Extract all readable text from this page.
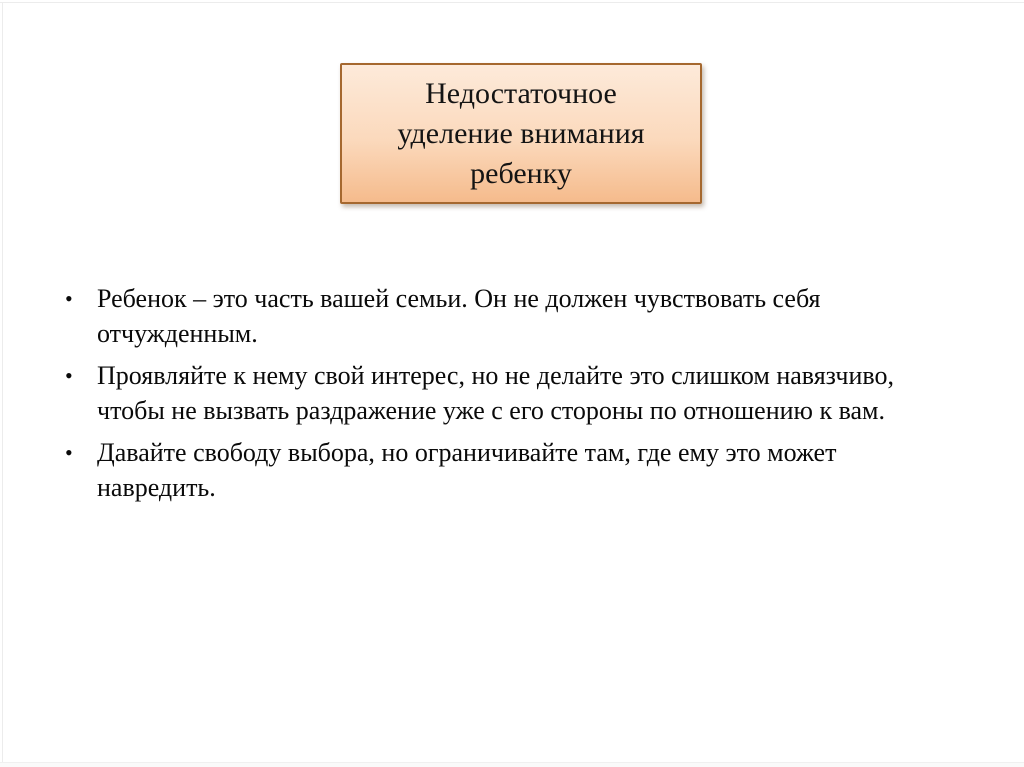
Недостаточное
уделение внимания
ребенку
• Ребенок – это часть вашей семьи. Он не должен чувствовать себя отчужденным.
• Проявляйте к нему свой интерес, но не делайте это слишком навязчиво, чтобы не вызвать раздражение уже с его стороны по отношению к вам.
• Давайте свободу выбора, но ограничивайте там, где ему это может навредить.
